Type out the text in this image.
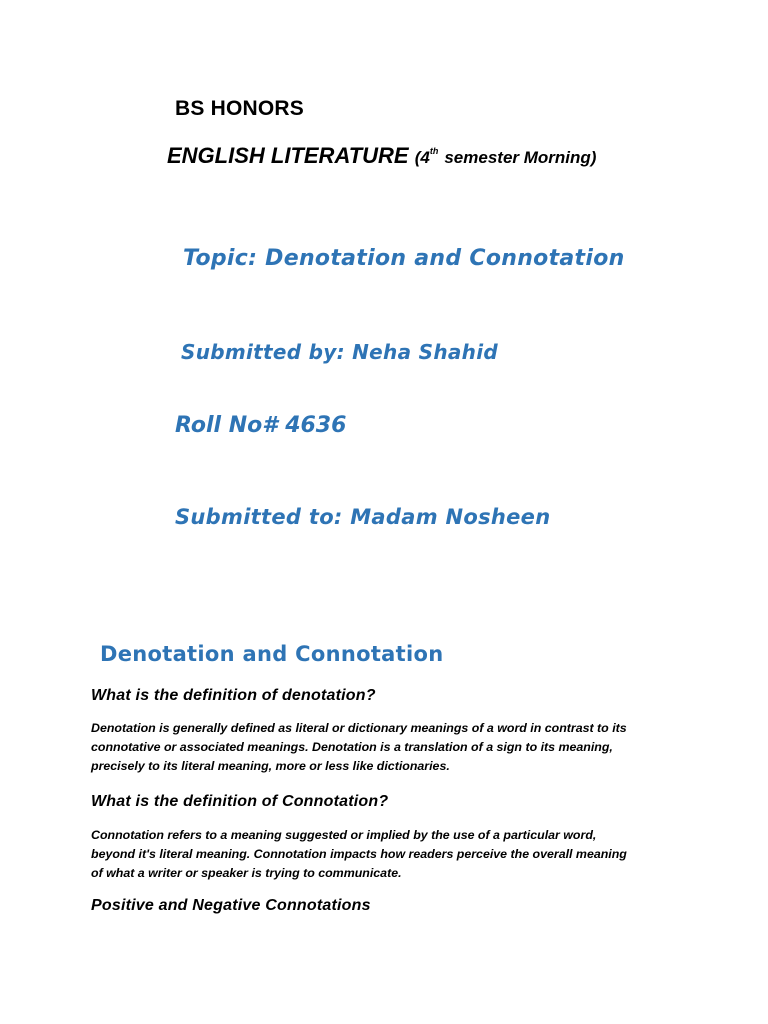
BS HONORS
ENGLISH LITERATURE (4th semester Morning)
Topic: Denotation and Connotation
Submitted by: Neha Shahid
Roll No# 4636
Submitted to: Madam Nosheen
Denotation and Connotation
What is the definition of denotation?
Denotation is generally defined as literal or dictionary meanings of a word in contrast to its
connotative or associated meanings. Denotation is a translation of a sign to its meaning,
precisely to its literal meaning, more or less like dictionaries.
What is the definition of Connotation?
Connotation refers to a meaning suggested or implied by the use of a particular word,
beyond it's literal meaning. Connotation impacts how readers perceive the overall meaning
of what a writer or speaker is trying to communicate.
Positive and Negative Connotations
